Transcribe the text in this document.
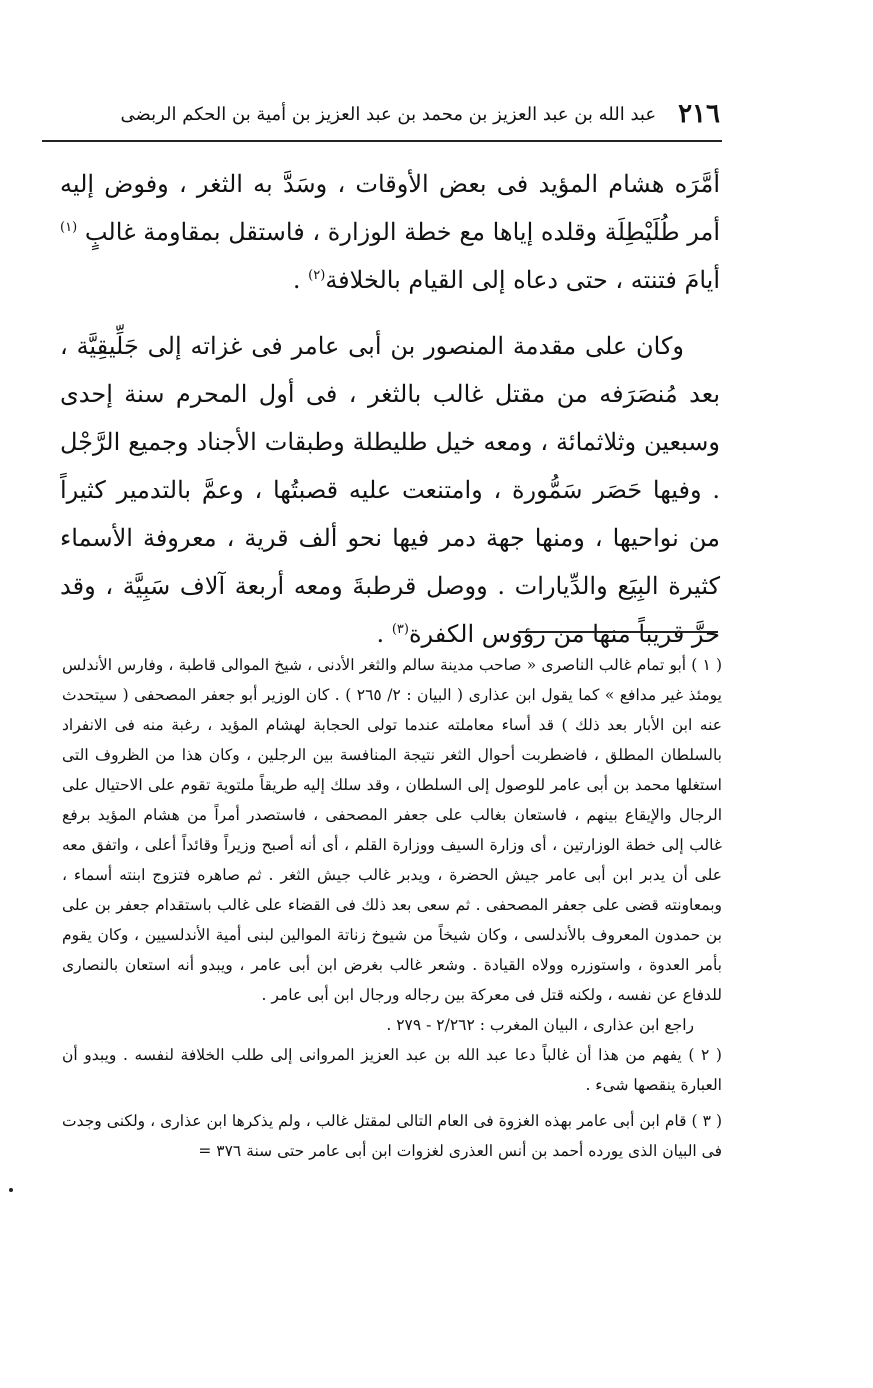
٢١٦
عبد الله بن عبد العزيز بن محمد بن عبد العزيز بن أمية بن الحكم الربضى

أمَّرَه هشام المؤيد فى بعض الأوقات ، وسَدَّ به الثغر ، وفوض إليه أمر طُلَيْطِلَة وقلده إياها مع خطة الوزارة ، فاستقل بمقاومة غالبٍ $^{(١)}$ أيامَ فتنته ، حتى دعاه إلى القيام بالخلافة$^{(٢)}$ .

وكان على مقدمة المنصور بن أبى عامر فى غزاته إلى جَلِّيقِيَّة ، بعد مُنصَرَفه من مقتل غالب بالثغر ، فى أول المحرم سنة إحدى وسبعين وثلاثمائة ، ومعه خيل طليطلة وطبقات الأجناد وجميع الرَّجْل . وفيها حَصَر سَمُّورة ، وامتنعت عليه قصبتُها ، وعمَّ بالتدمير كثيراً من نواحيها ، ومنها جهة دمر فيها نحو ألف قرية ، معروفة الأسماء كثيرة البِيَع والدِّيارات . ووصل قرطبةَ ومعه أربعة آلاف سَبِيَّة ، وقد حزَّ قريباً منها من رؤوس الكفرة$^{(٣)}$ .

( ١ ) أبو تمام غالب الناصرى « صاحب مدينة سالم والثغر الأدنى ، شيخ الموالى قاطبة ، وفارس الأندلس يومئذ غير مدافع » كما يقول ابن عذارى ( البيان : ٢/ ٢٦٥ ) . كان الوزير أبو جعفر المصحفى ( سيتحدث عنه ابن الأبار بعد ذلك ) قد أساء معاملته عندما تولى الحجابة لهشام المؤيد ، رغبة منه فى الانفراد بالسلطان المطلق ، فاضطربت أحوال الثغر نتيجة المنافسة بين الرجلين ، وكان هذا من الظروف التى استغلها محمد بن أبى عامر للوصول إلى السلطان ، وقد سلك إليه طريقاً ملتوية تقوم على الاحتيال على الرجال والإيقاع بينهم ، فاستعان بغالب على جعفر المصحفى ، فاستصدر أمراً من هشام المؤيد برفع غالب إلى خطة الوزارتين ، أى وزارة السيف ووزارة القلم ، أى أنه أصبح وزيراً وقائداً أعلى ، واتفق معه على أن يدبر ابن أبى عامر جيش الحضرة ، ويدبر غالب جيش الثغر . ثم صاهره فتزوج ابنته أسماء ، وبمعاونته قضى على جعفر المصحفى . ثم سعى بعد ذلك فى القضاء على غالب باستقدام جعفر بن على بن حمدون المعروف بالأندلسى ، وكان شيخاً من شيوخ زناتة الموالين لبنى أمية الأندلسيين ، وكان يقوم بأمر العدوة ، واستوزره وولاه القيادة . وشعر غالب بغرض ابن أبى عامر ، ويبدو أنه استعان بالنصارى للدفاع عن نفسه ، ولكنه قتل فى معركة بين رجاله ورجال ابن أبى عامر .

راجع ابن عذارى ، البيان المغرب : ٢/٢٦٢ - ٢٧٩ .

( ٢ ) يفهم من هذا أن غالباً دعا عبد الله بن عبد العزيز المروانى إلى طلب الخلافة لنفسه . ويبدو أن العبارة ينقصها شىء .

( ٣ ) قام ابن أبى عامر بهذه الغزوة فى العام التالى لمقتل غالب ، ولم يذكرها ابن عذارى ، ولكنى وجدت فى البيان الذى يورده أحمد بن أنس العذرى لغزوات ابن أبى عامر حتى سنة ٣٧٦ =
